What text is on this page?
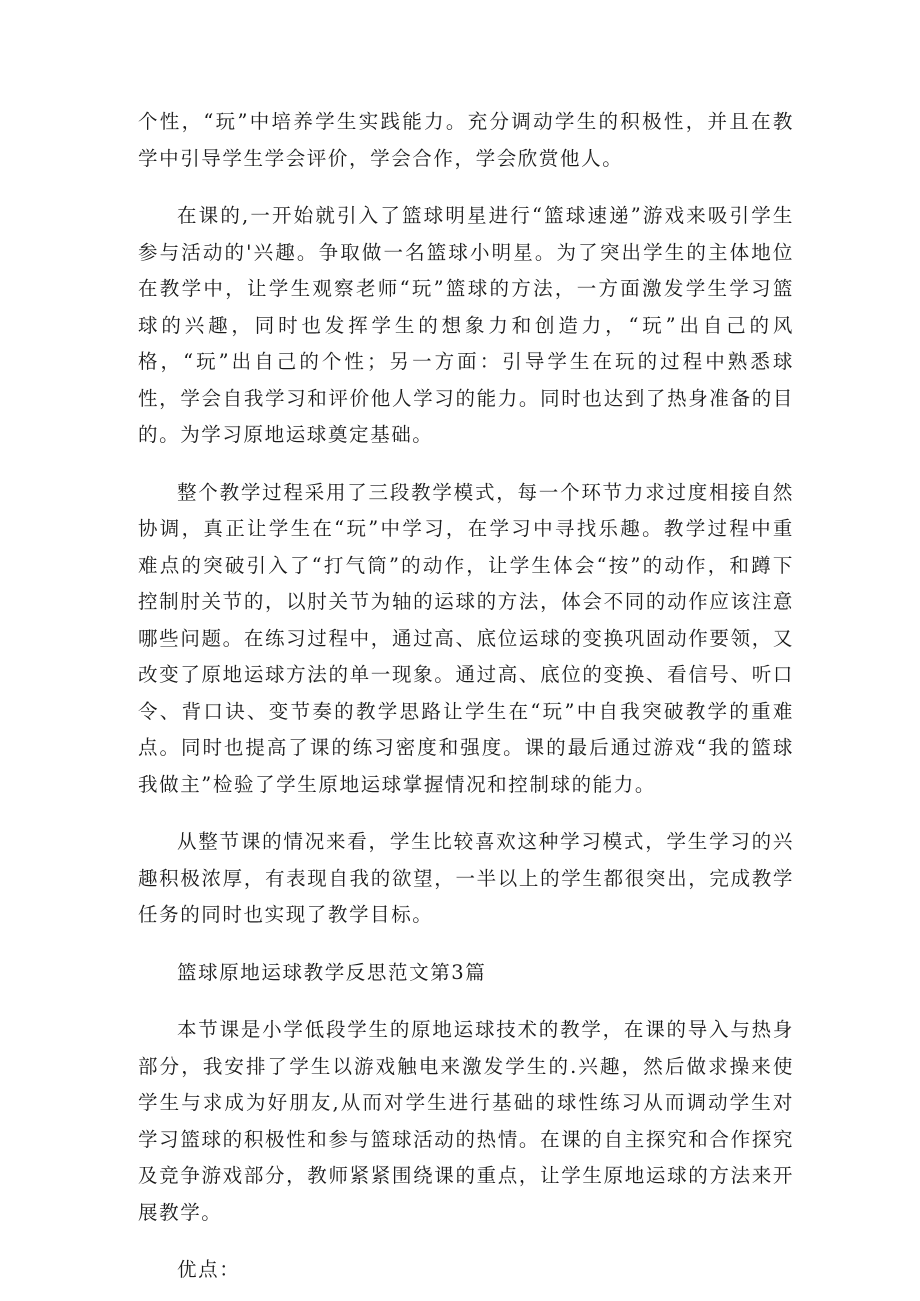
个性，“玩”中培养学生实践能力。充分调动学生的积极性，并且在教学中引导学生学会评价，学会合作，学会欣赏他人。

在课的,一开始就引入了篮球明星进行“篮球速递”游戏来吸引学生参与活动的'兴趣。争取做一名篮球小明星。为了突出学生的主体地位在教学中，让学生观察老师“玩”篮球的方法，一方面激发学生学习篮球的兴趣，同时也发挥学生的想象力和创造力，“玩”出自己的风格，“玩”出自己的个性；另一方面：引导学生在玩的过程中熟悉球性，学会自我学习和评价他人学习的能力。同时也达到了热身准备的目的。为学习原地运球奠定基础。

整个教学过程采用了三段教学模式，每一个环节力求过度相接自然协调，真正让学生在“玩”中学习，在学习中寻找乐趣。教学过程中重难点的突破引入了“打气筒”的动作，让学生体会“按”的动作，和蹲下控制肘关节的，以肘关节为轴的运球的方法，体会不同的动作应该注意哪些问题。在练习过程中，通过高、底位运球的变换巩固动作要领，又改变了原地运球方法的单一现象。通过高、底位的变换、看信号、听口令、背口诀、变节奏的教学思路让学生在“玩”中自我突破教学的重难点。同时也提高了课的练习密度和强度。课的最后通过游戏“我的篮球我做主”检验了学生原地运球掌握情况和控制球的能力。

从整节课的情况来看，学生比较喜欢这种学习模式，学生学习的兴趣积极浓厚，有表现自我的欲望，一半以上的学生都很突出，完成教学任务的同时也实现了教学目标。

篮球原地运球教学反思范文第3篇

本节课是小学低段学生的原地运球技术的教学，在课的导入与热身部分，我安排了学生以游戏触电来激发学生的.兴趣，然后做求操来使学生与求成为好朋友,从而对学生进行基础的球性练习从而调动学生对学习篮球的积极性和参与篮球活动的热情。在课的自主探究和合作探究及竞争游戏部分，教师紧紧围绕课的重点，让学生原地运球的方法来开展教学。

优点：
